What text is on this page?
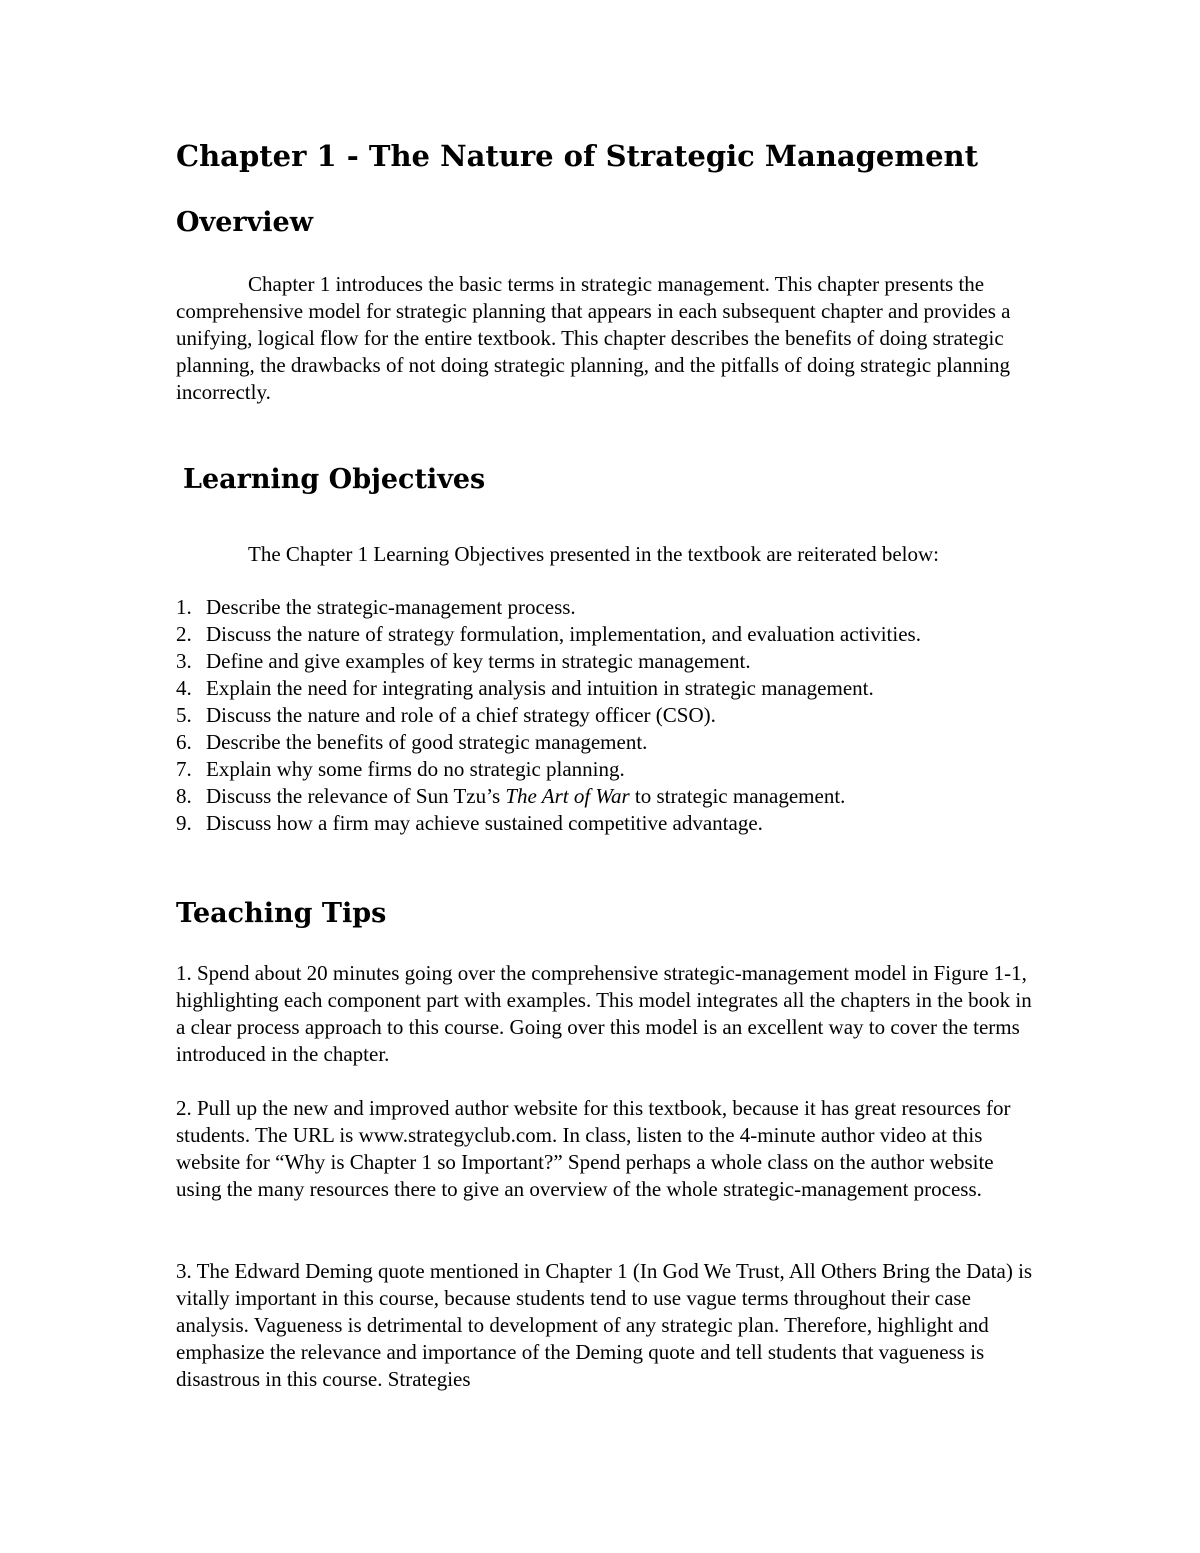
Chapter 1 - The Nature of Strategic Management
Overview

Chapter 1 introduces the basic terms in strategic management. This chapter presents the comprehensive model for strategic planning that appears in each subsequent chapter and provides a unifying, logical flow for the entire textbook. This chapter describes the benefits of doing strategic planning, the drawbacks of not doing strategic planning, and the pitfalls of doing strategic planning incorrectly.

Learning Objectives

The Chapter 1 Learning Objectives presented in the textbook are reiterated below:

1. Describe the strategic-management process.
2. Discuss the nature of strategy formulation, implementation, and evaluation activities.
3. Define and give examples of key terms in strategic management.
4. Explain the need for integrating analysis and intuition in strategic management.
5. Discuss the nature and role of a chief strategy officer (CSO).
6. Describe the benefits of good strategic management.
7. Explain why some firms do no strategic planning.
8. Discuss the relevance of Sun Tzu’s The Art of War to strategic management.
9. Discuss how a firm may achieve sustained competitive advantage.
Teaching Tips

1. Spend about 20 minutes going over the comprehensive strategic-management model in Figure 1-1, highlighting each component part with examples. This model integrates all the chapters in the book in a clear process approach to this course. Going over this model is an excellent way to cover the terms introduced in the chapter.

2. Pull up the new and improved author website for this textbook, because it has great resources for students. The URL is www.strategyclub.com. In class, listen to the 4-minute author video at this website for “Why is Chapter 1 so Important?” Spend perhaps a whole class on the author website using the many resources there to give an overview of the whole strategic-management process.

3. The Edward Deming quote mentioned in Chapter 1 (In God We Trust, All Others Bring the Data) is vitally important in this course, because students tend to use vague terms throughout their case analysis. Vagueness is detrimental to development of any strategic plan. Therefore, highlight and emphasize the relevance and importance of the Deming quote and tell students that vagueness is disastrous in this course. Strategies
